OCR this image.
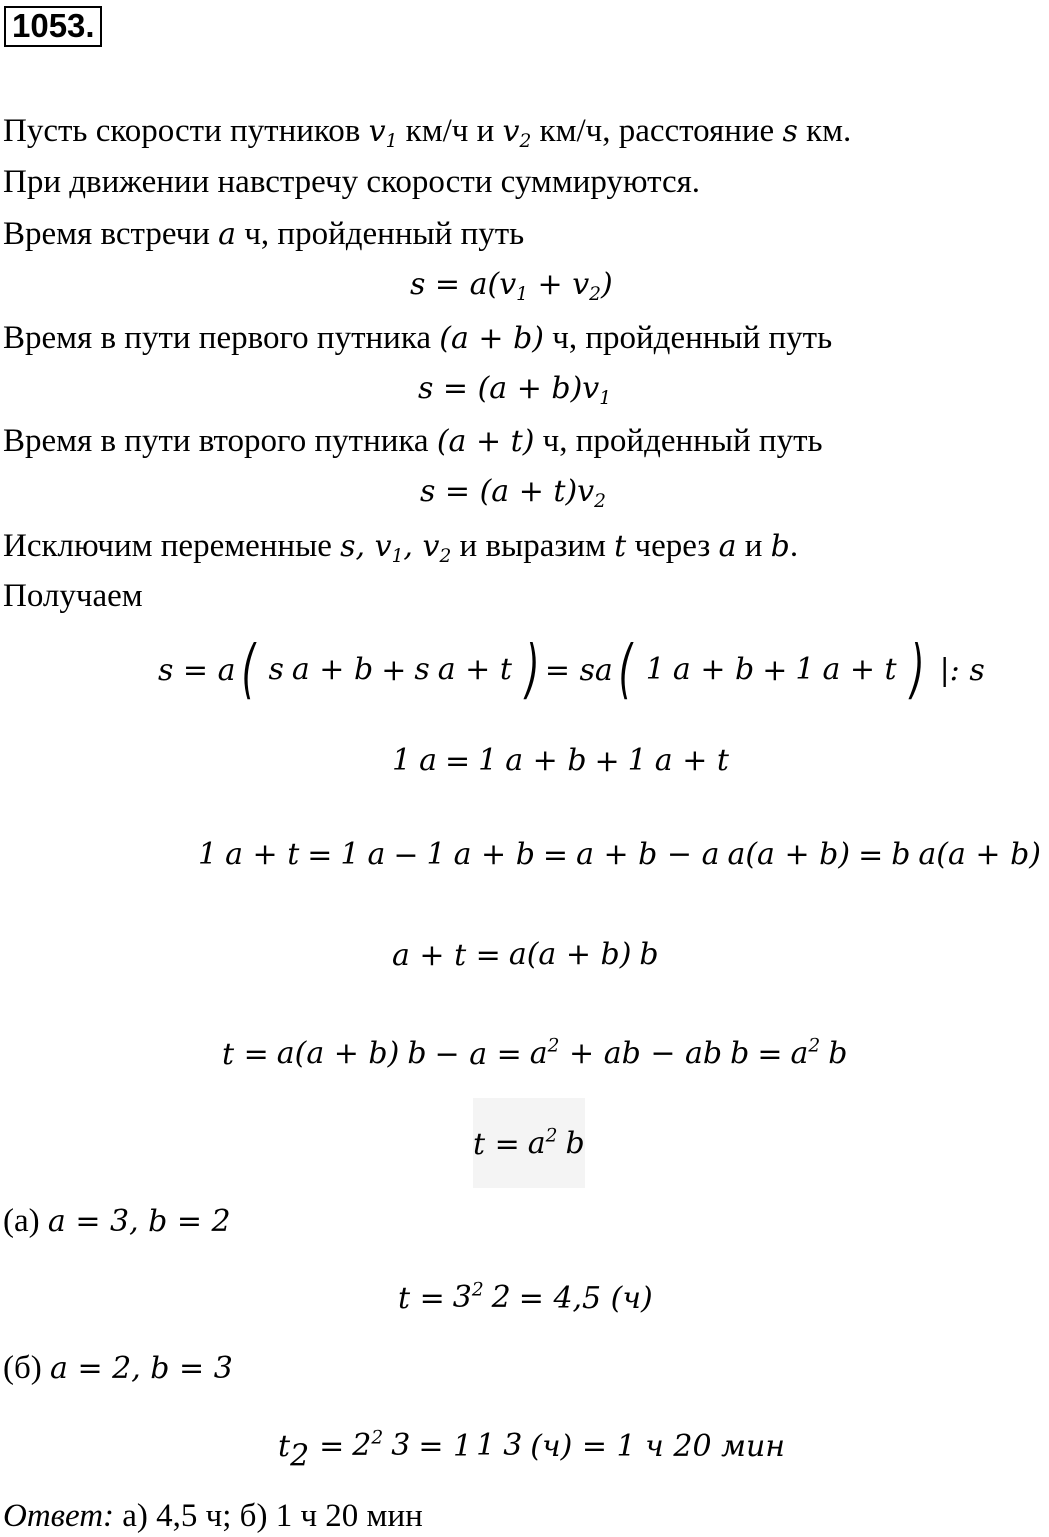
1053.
Пусть скорости путников $v_1$ км/ч и $v_2$ км/ч, расстояние s км.
При движении навстречу скорости суммируются.
Время встречи a ч, пройденный путь
$s = a(v_1 + v_2)$
Время в пути первого путника (a + b) ч, пройденный путь
$s = (a + b)v_1$
Время в пути второго путника (a + t) ч, пройденный путь
$s = (a + t)v_2$
Исключим переменные s, $v_1$, $v_2$ и выразим t через a и b.
Получаем
s = a ( s a + b + s a + t ) = sa ( 1 a + b + 1 a + t ) |: s
1 a = 1 a + b + 1 a + t
1 a + t = 1 a − 1 a + b = a + b − a a(a + b) = b a(a + b)
a + t = a(a + b) b
t = a(a + b) $b - a = a^2$ + ab − ab $b = a^2$ b
$t = a^2$ b
(а) a = 3, b = 2
$t = 3^2$ 2 = 4,5 (ч)
(б) a = 2, b = 3
$t_2 = 2^2$ 3 = 1 1 3 (ч) = 1 ч 20 мин
Ответ: а) 4,5 ч; б) 1 ч 20 мин
